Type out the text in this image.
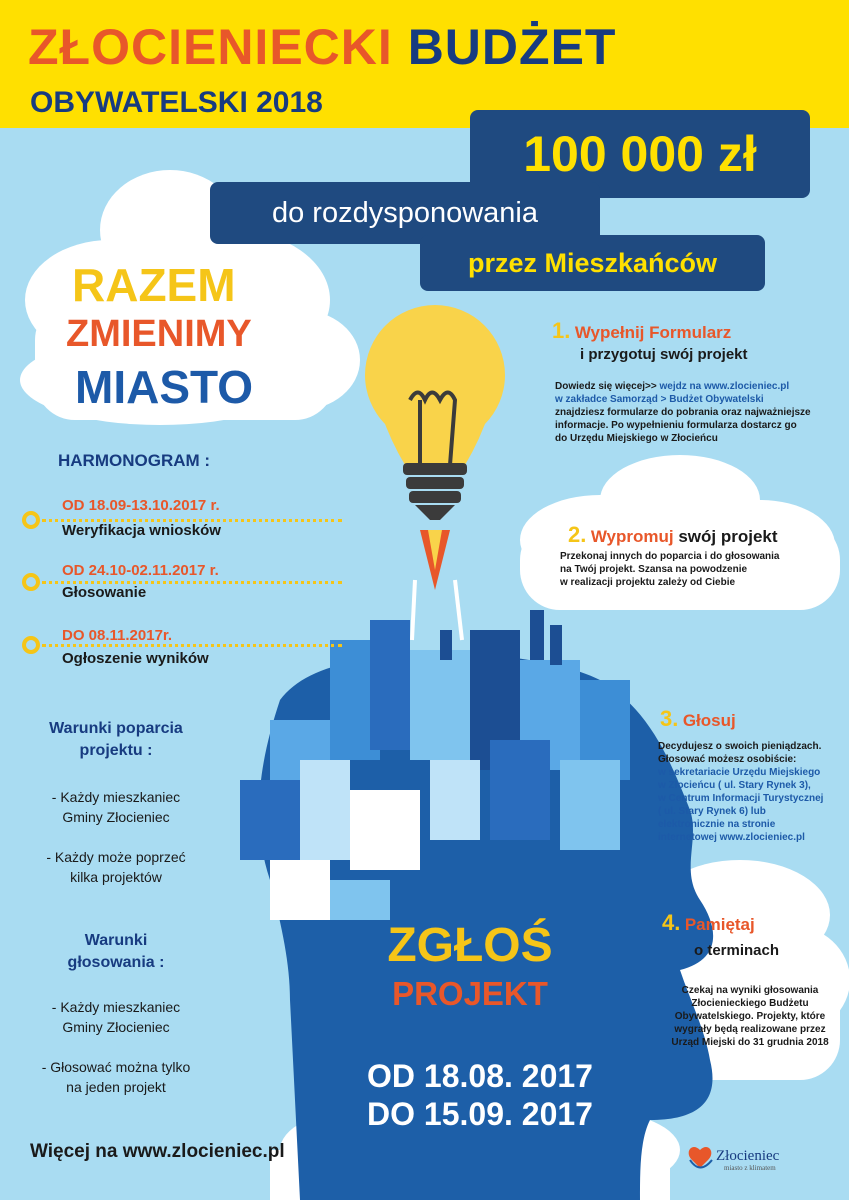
ZŁOCIENIECKI BUDŻET
OBYWATELSKI 2018
100 000 zł
do rozdysponowania
przez Mieszkańców
RAZEM
ZMIENIMY
MIASTO
HARMONOGRAM :
OD 18.09-13.10.2017 r.
Weryfikacja wniosków
OD 24.10-02.11.2017 r.
Głosowanie
DO 08.11.2017r.
Ogłoszenie wyników
Warunki poparcia
projektu :
- Każdy mieszkaniec
Gminy Złocieniec
- Każdy może poprzeć
kilka projektów
Warunki
głosowania :
- Każdy mieszkaniec
Gminy Złocieniec
- Głosować można tylko
na jeden projekt
1. Wypełnij Formularz
i przygotuj swój projekt
Dowiedz się więcej>> wejdz na www.zlocieniec.pl
w zakładce Samorząd > Budżet Obywatelski
znajdziesz formularze do pobrania oraz najważniejsze
informacje. Po wypełnieniu formularza dostarcz go
do Urzędu Miejskiego w Złocieńcu
2. Wypromuj swój projekt
Przekonaj innych do poparcia i do głosowania
na Twój projekt. Szansa na powodzenie
w realizacji projektu zależy od Ciebie
3. Głosuj
Decydujesz o swoich pieniądzach.
Głosować możesz osobiście:
w sekretariacie Urzędu Miejskiego
w Złocieńcu ( ul. Stary Rynek 3),
w Centrum Informacji Turystycznej
( ul. Stary Rynek 6) lub
elektronicznie na stronie
internetowej www.zlocieniec.pl
4. Pamiętaj
o terminach
Czekaj na wyniki głosowania
Złocienieckiego Budżetu
Obywatelskiego. Projekty, które
wygrały będą realizowane przez
Urząd Miejski do 31 grudnia 2018
ZGŁOŚ
PROJEKT
OD 18.08. 2017
DO 15.09. 2017
Więcej na www.zlocieniec.pl	Złocieniec
miasto z klimatem
